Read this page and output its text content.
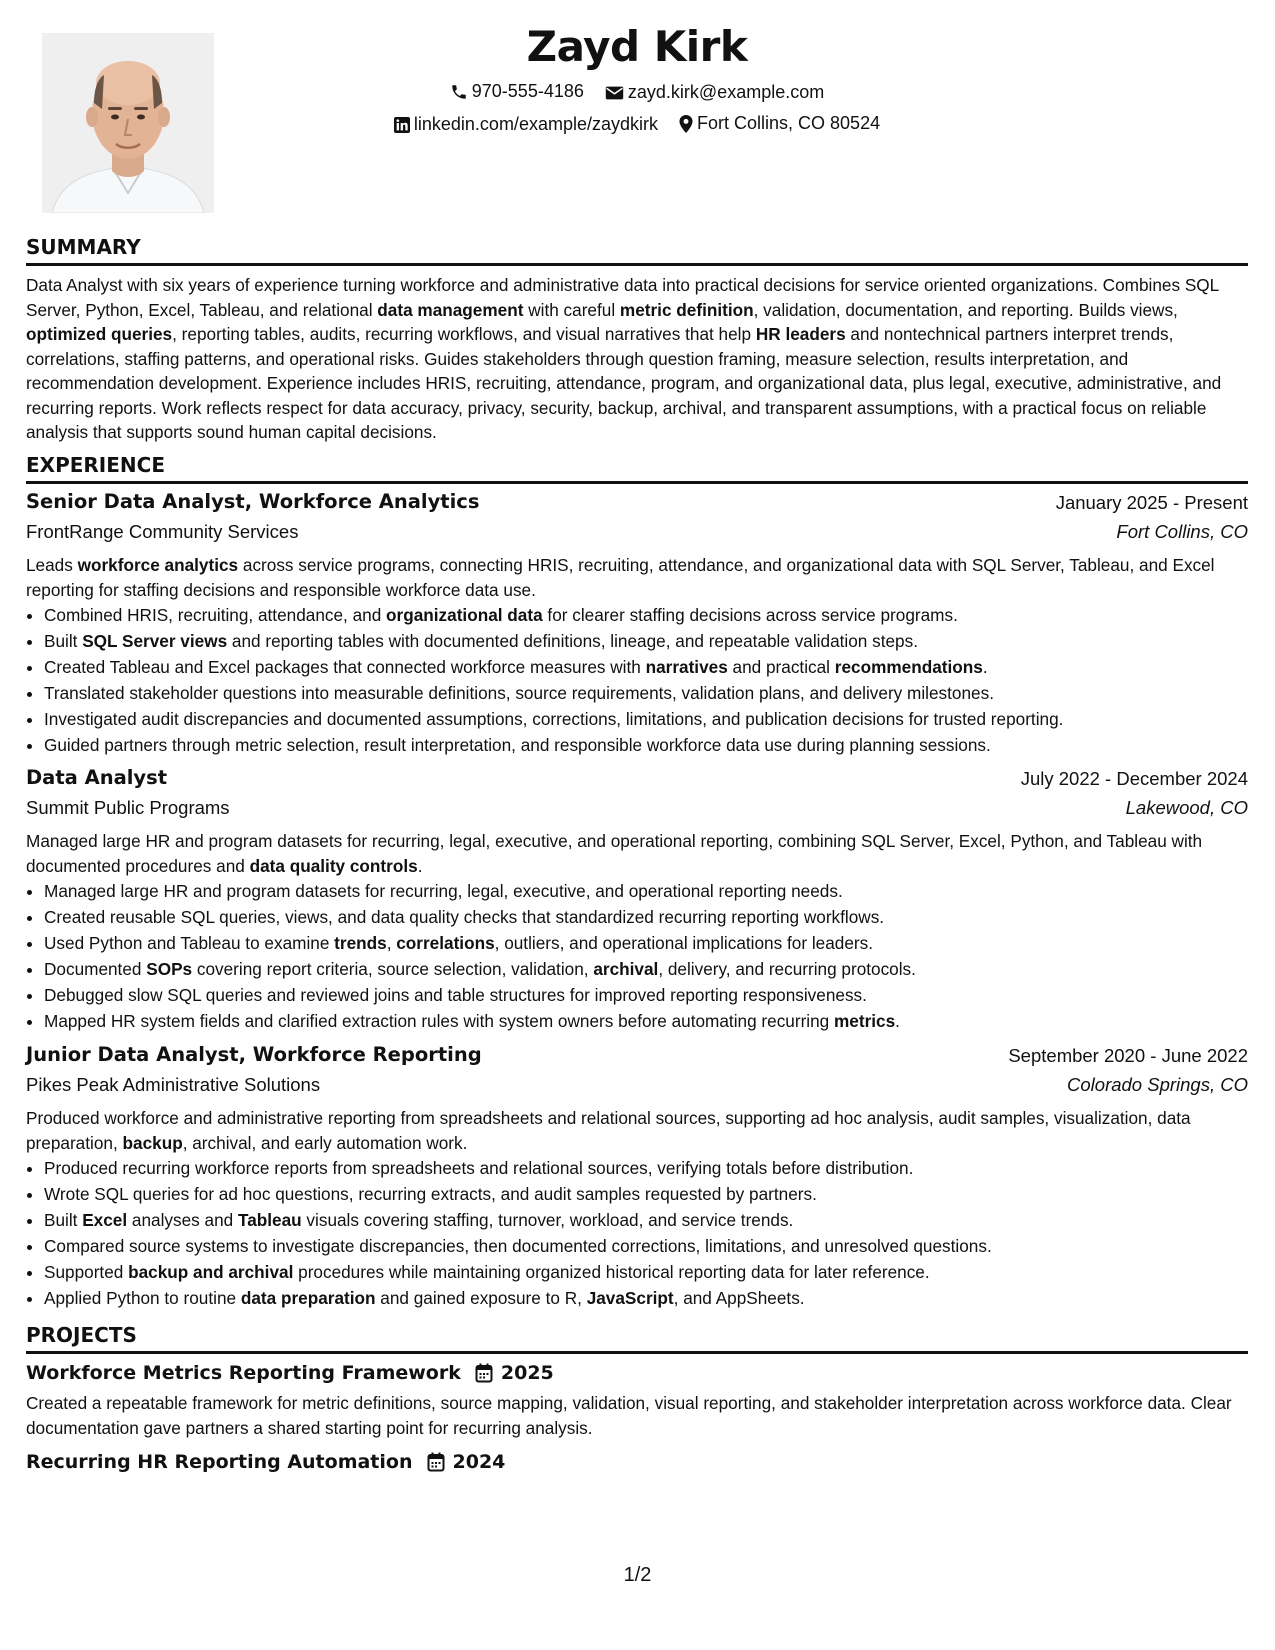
Zayd Kirk
970-555-4186
zayd.kirk@example.com
linkedin.com/example/zaydkirk
Fort Collins, CO 80524
SUMMARY
Data Analyst with six years of experience turning workforce and administrative data into practical decisions for service oriented organizations. Combines SQL Server, Python, Excel, Tableau, and relational data management with careful metric definition, validation, documentation, and reporting. Builds views, optimized queries, reporting tables, audits, recurring workflows, and visual narratives that help HR leaders and nontechnical partners interpret trends, correlations, staffing patterns, and operational risks. Guides stakeholders through question framing, measure selection, results interpretation, and recommendation development. Experience includes HRIS, recruiting, attendance, program, and organizational data, plus legal, executive, administrative, and recurring reports. Work reflects respect for data accuracy, privacy, security, backup, archival, and transparent assumptions, with a practical focus on reliable analysis that supports sound human capital decisions.
EXPERIENCE
Senior Data Analyst, Workforce Analytics	January 2025 - Present
FrontRange Community Services	Fort Collins, CO
Leads workforce analytics across service programs, connecting HRIS, recruiting, attendance, and organizational data with SQL Server, Tableau, and Excel reporting for staffing decisions and responsible workforce data use.
• Combined HRIS, recruiting, attendance, and organizational data for clearer staffing decisions across service programs.
• Built SQL Server views and reporting tables with documented definitions, lineage, and repeatable validation steps.
• Created Tableau and Excel packages that connected workforce measures with narratives and practical recommendations.
• Translated stakeholder questions into measurable definitions, source requirements, validation plans, and delivery milestones.
• Investigated audit discrepancies and documented assumptions, corrections, limitations, and publication decisions for trusted reporting.
• Guided partners through metric selection, result interpretation, and responsible workforce data use during planning sessions.
Data Analyst	July 2022 - December 2024
Summit Public Programs	Lakewood, CO
Managed large HR and program datasets for recurring, legal, executive, and operational reporting, combining SQL Server, Excel, Python, and Tableau with documented procedures and data quality controls.
• Managed large HR and program datasets for recurring, legal, executive, and operational reporting needs.
• Created reusable SQL queries, views, and data quality checks that standardized recurring reporting workflows.
• Used Python and Tableau to examine trends, correlations, outliers, and operational implications for leaders.
• Documented SOPs covering report criteria, source selection, validation, archival, delivery, and recurring protocols.
• Debugged slow SQL queries and reviewed joins and table structures for improved reporting responsiveness.
• Mapped HR system fields and clarified extraction rules with system owners before automating recurring metrics.
Junior Data Analyst, Workforce Reporting	September 2020 - June 2022
Pikes Peak Administrative Solutions	Colorado Springs, CO
Produced workforce and administrative reporting from spreadsheets and relational sources, supporting ad hoc analysis, audit samples, visualization, data preparation, backup, archival, and early automation work.
• Produced recurring workforce reports from spreadsheets and relational sources, verifying totals before distribution.
• Wrote SQL queries for ad hoc questions, recurring extracts, and audit samples requested by partners.
• Built Excel analyses and Tableau visuals covering staffing, turnover, workload, and service trends.
• Compared source systems to investigate discrepancies, then documented corrections, limitations, and unresolved questions.
• Supported backup and archival procedures while maintaining organized historical reporting data for later reference.
• Applied Python to routine data preparation and gained exposure to R, JavaScript, and AppSheets.
PROJECTS
Workforce Metrics Reporting Framework 2025
Created a repeatable framework for metric definitions, source mapping, validation, visual reporting, and stakeholder interpretation across workforce data. Clear documentation gave partners a shared starting point for recurring analysis.
Recurring HR Reporting Automation 2024
1/2
